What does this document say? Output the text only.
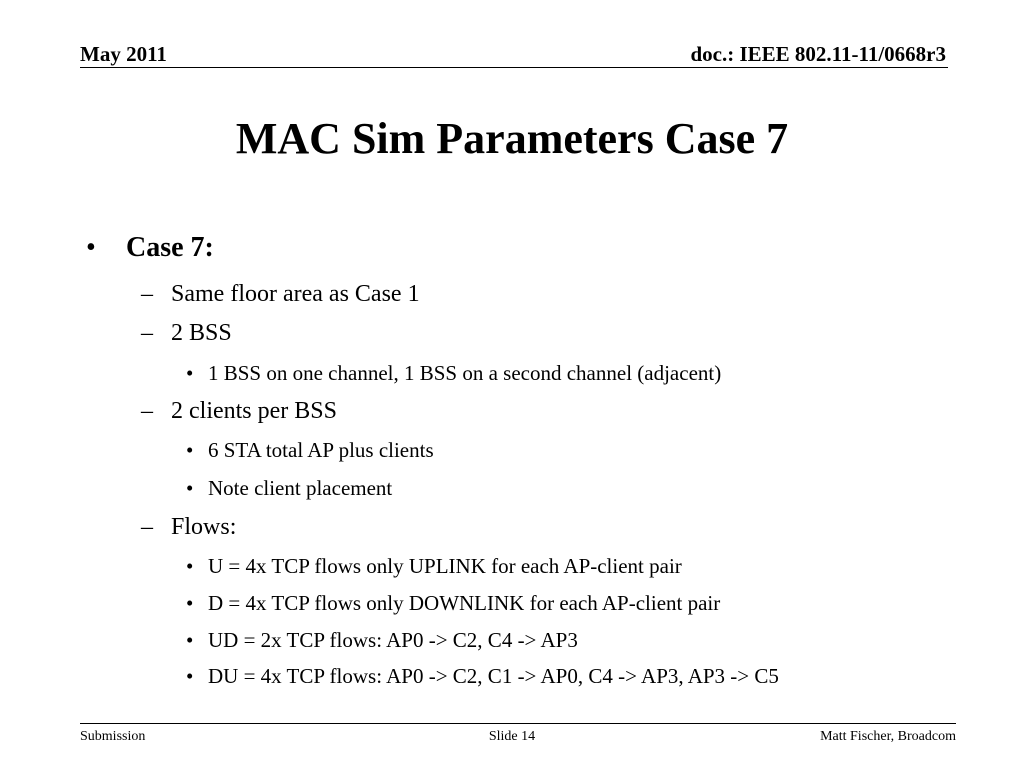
May 2011	doc.: IEEE 802.11-11/0668r3
MAC Sim Parameters Case 7
• Case 7:
– Same floor area as Case 1
– 2 BSS
• 1 BSS on one channel, 1 BSS on a second channel (adjacent)
– 2 clients per BSS
• 6 STA total AP plus clients
• Note client placement
– Flows:
• U = 4x TCP flows only UPLINK for each AP-client pair
• D = 4x TCP flows only DOWNLINK for each AP-client pair
• UD = 2x TCP flows: AP0 -> C2, C4 -> AP3
• DU = 4x TCP flows: AP0 -> C2, C1 -> AP0, C4 -> AP3, AP3 -> C5
Submission	Slide 14	Matt Fischer, Broadcom
